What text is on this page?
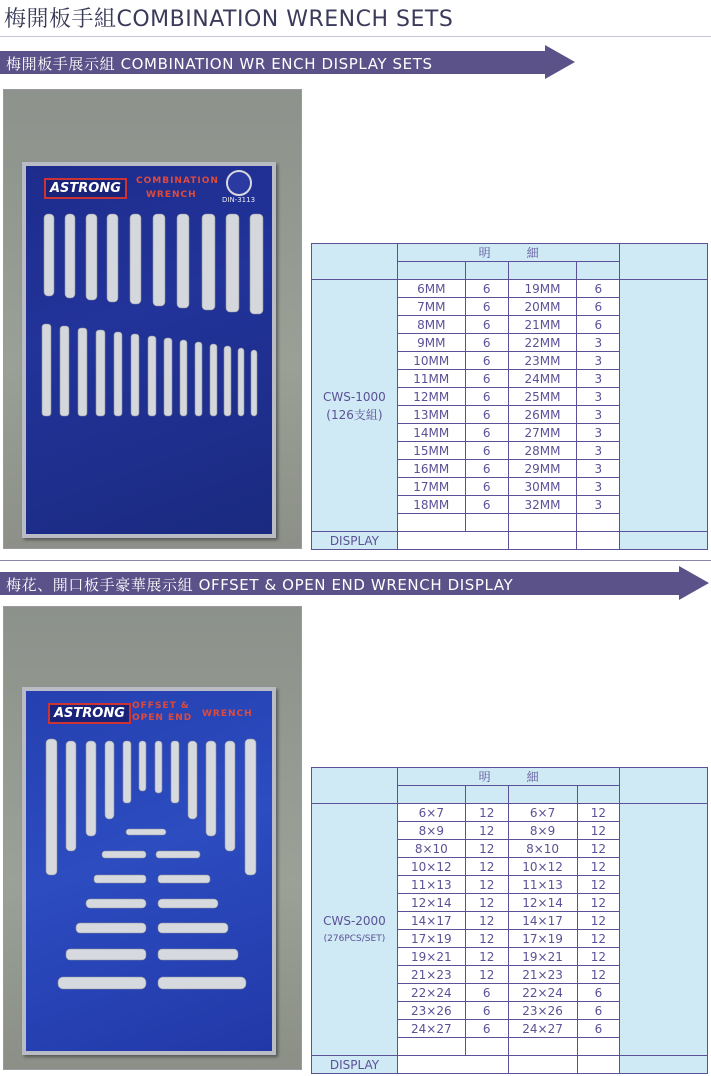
梅開板手組COMBINATION WRENCH SETS
梅開板手展示組 COMBINATION WR ENCH DISPLAY SETS
ASTRONG	COMBINATION
WRENCH	DIN-3113
	明　　　細				

CWS-1000
(126支組)	6MM	6	19MM	6	
	7MM	6	20MM	6	
	8MM	6	21MM	6	
	9MM	6	22MM	3	
	10MM	6	23MM	3	
	11MM	6	24MM	3	
	12MM	6	25MM	3	
	13MM	6	26MM	3	
	14MM	6	27MM	3	
	15MM	6	28MM	3	
	16MM	6	29MM	3	
	17MM	6	30MM	3	
	18MM	6	32MM	3	

DISPLAY					
梅花、開口板手豪華展示組 OFFSET & OPEN END WRENCH DISPLAY
ASTRONG OFFSET &
OPEN END WRENCH
	明　　　細				

CWS-2000
(276PCS/SET)	6×7	12	6×7	12	
	8×9	12	8×9	12	
	8×10	12	8×10	12	
	10×12	12	10×12	12	
	11×13	12	11×13	12	
	12×14	12	12×14	12	
	14×17	12	14×17	12	
	17×19	12	17×19	12	
	19×21	12	19×21	12	
	21×23	12	21×23	12	
	22×24	6	22×24	6	
	23×26	6	23×26	6	
	24×27	6	24×27	6	

DISPLAY					
